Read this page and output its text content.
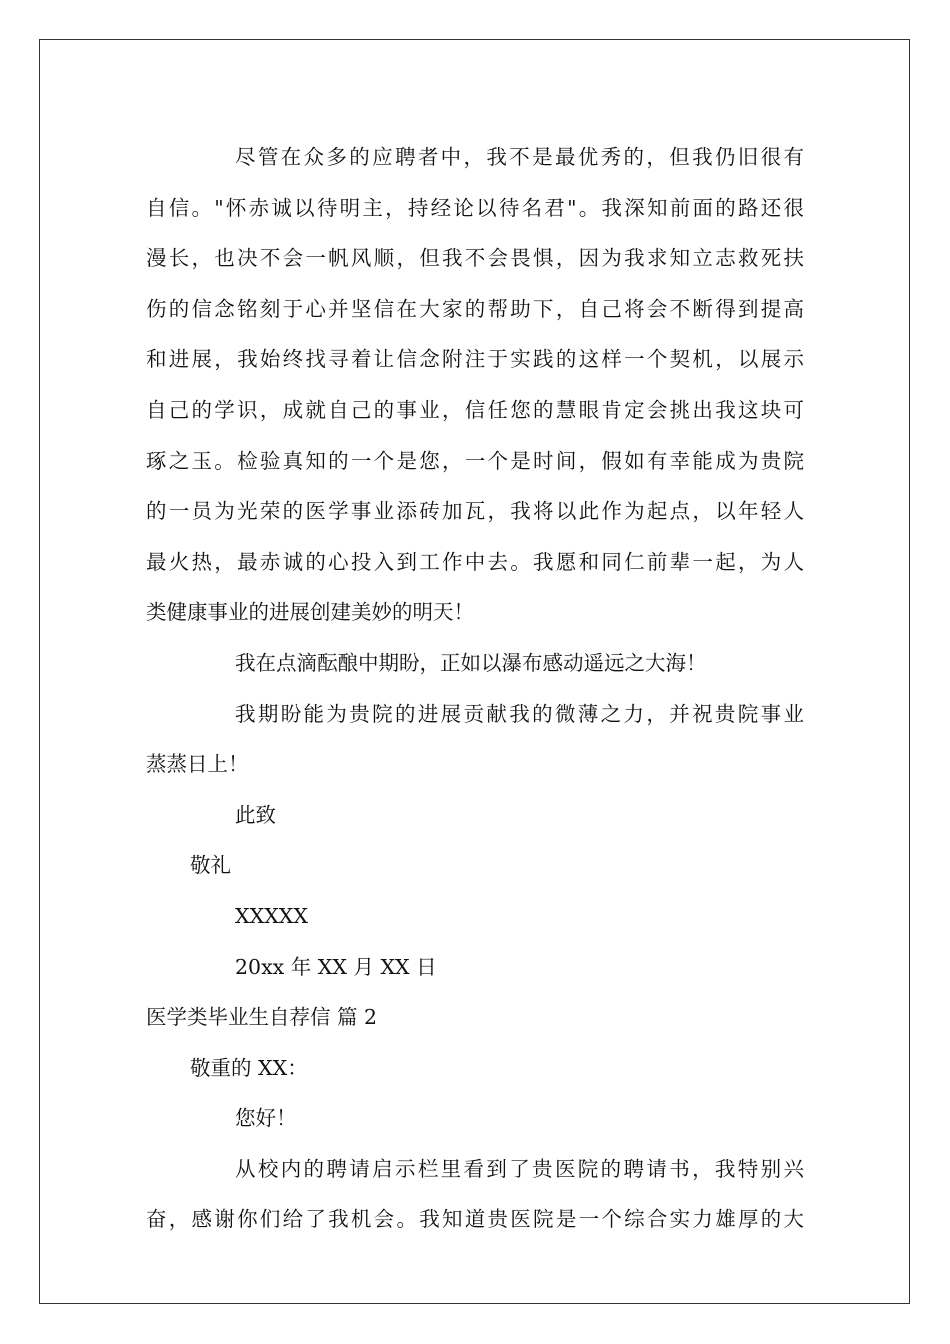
尽管在众多的应聘者中，我不是最优秀的，但我仍旧很有
自信。"怀赤诚以待明主，持经论以待名君"。我深知前面的路还很
漫长，也决不会一帆风顺，但我不会畏惧，因为我求知立志救死扶
伤的信念铭刻于心并坚信在大家的帮助下，自己将会不断得到提高
和进展，我始终找寻着让信念附注于实践的这样一个契机，以展示
自己的学识，成就自己的事业，信任您的慧眼肯定会挑出我这块可
琢之玉。检验真知的一个是您，一个是时间，假如有幸能成为贵院
的一员为光荣的医学事业添砖加瓦，我将以此作为起点，以年轻人
最火热，最赤诚的心投入到工作中去。我愿和同仁前辈一起，为人
类健康事业的进展创建美妙的明天！
我在点滴酝酿中期盼，正如以瀑布感动遥远之大海！
我期盼能为贵院的进展贡献我的微薄之力，并祝贵院事业
蒸蒸日上！
此致
敬礼
XXXXX
20xx 年 XX 月 XX 日
医学类毕业生自荐信 篇 2
敬重的 XX：
您好！
从校内的聘请启示栏里看到了贵医院的聘请书，我特别兴
奋，感谢你们给了我机会。我知道贵医院是一个综合实力雄厚的大
